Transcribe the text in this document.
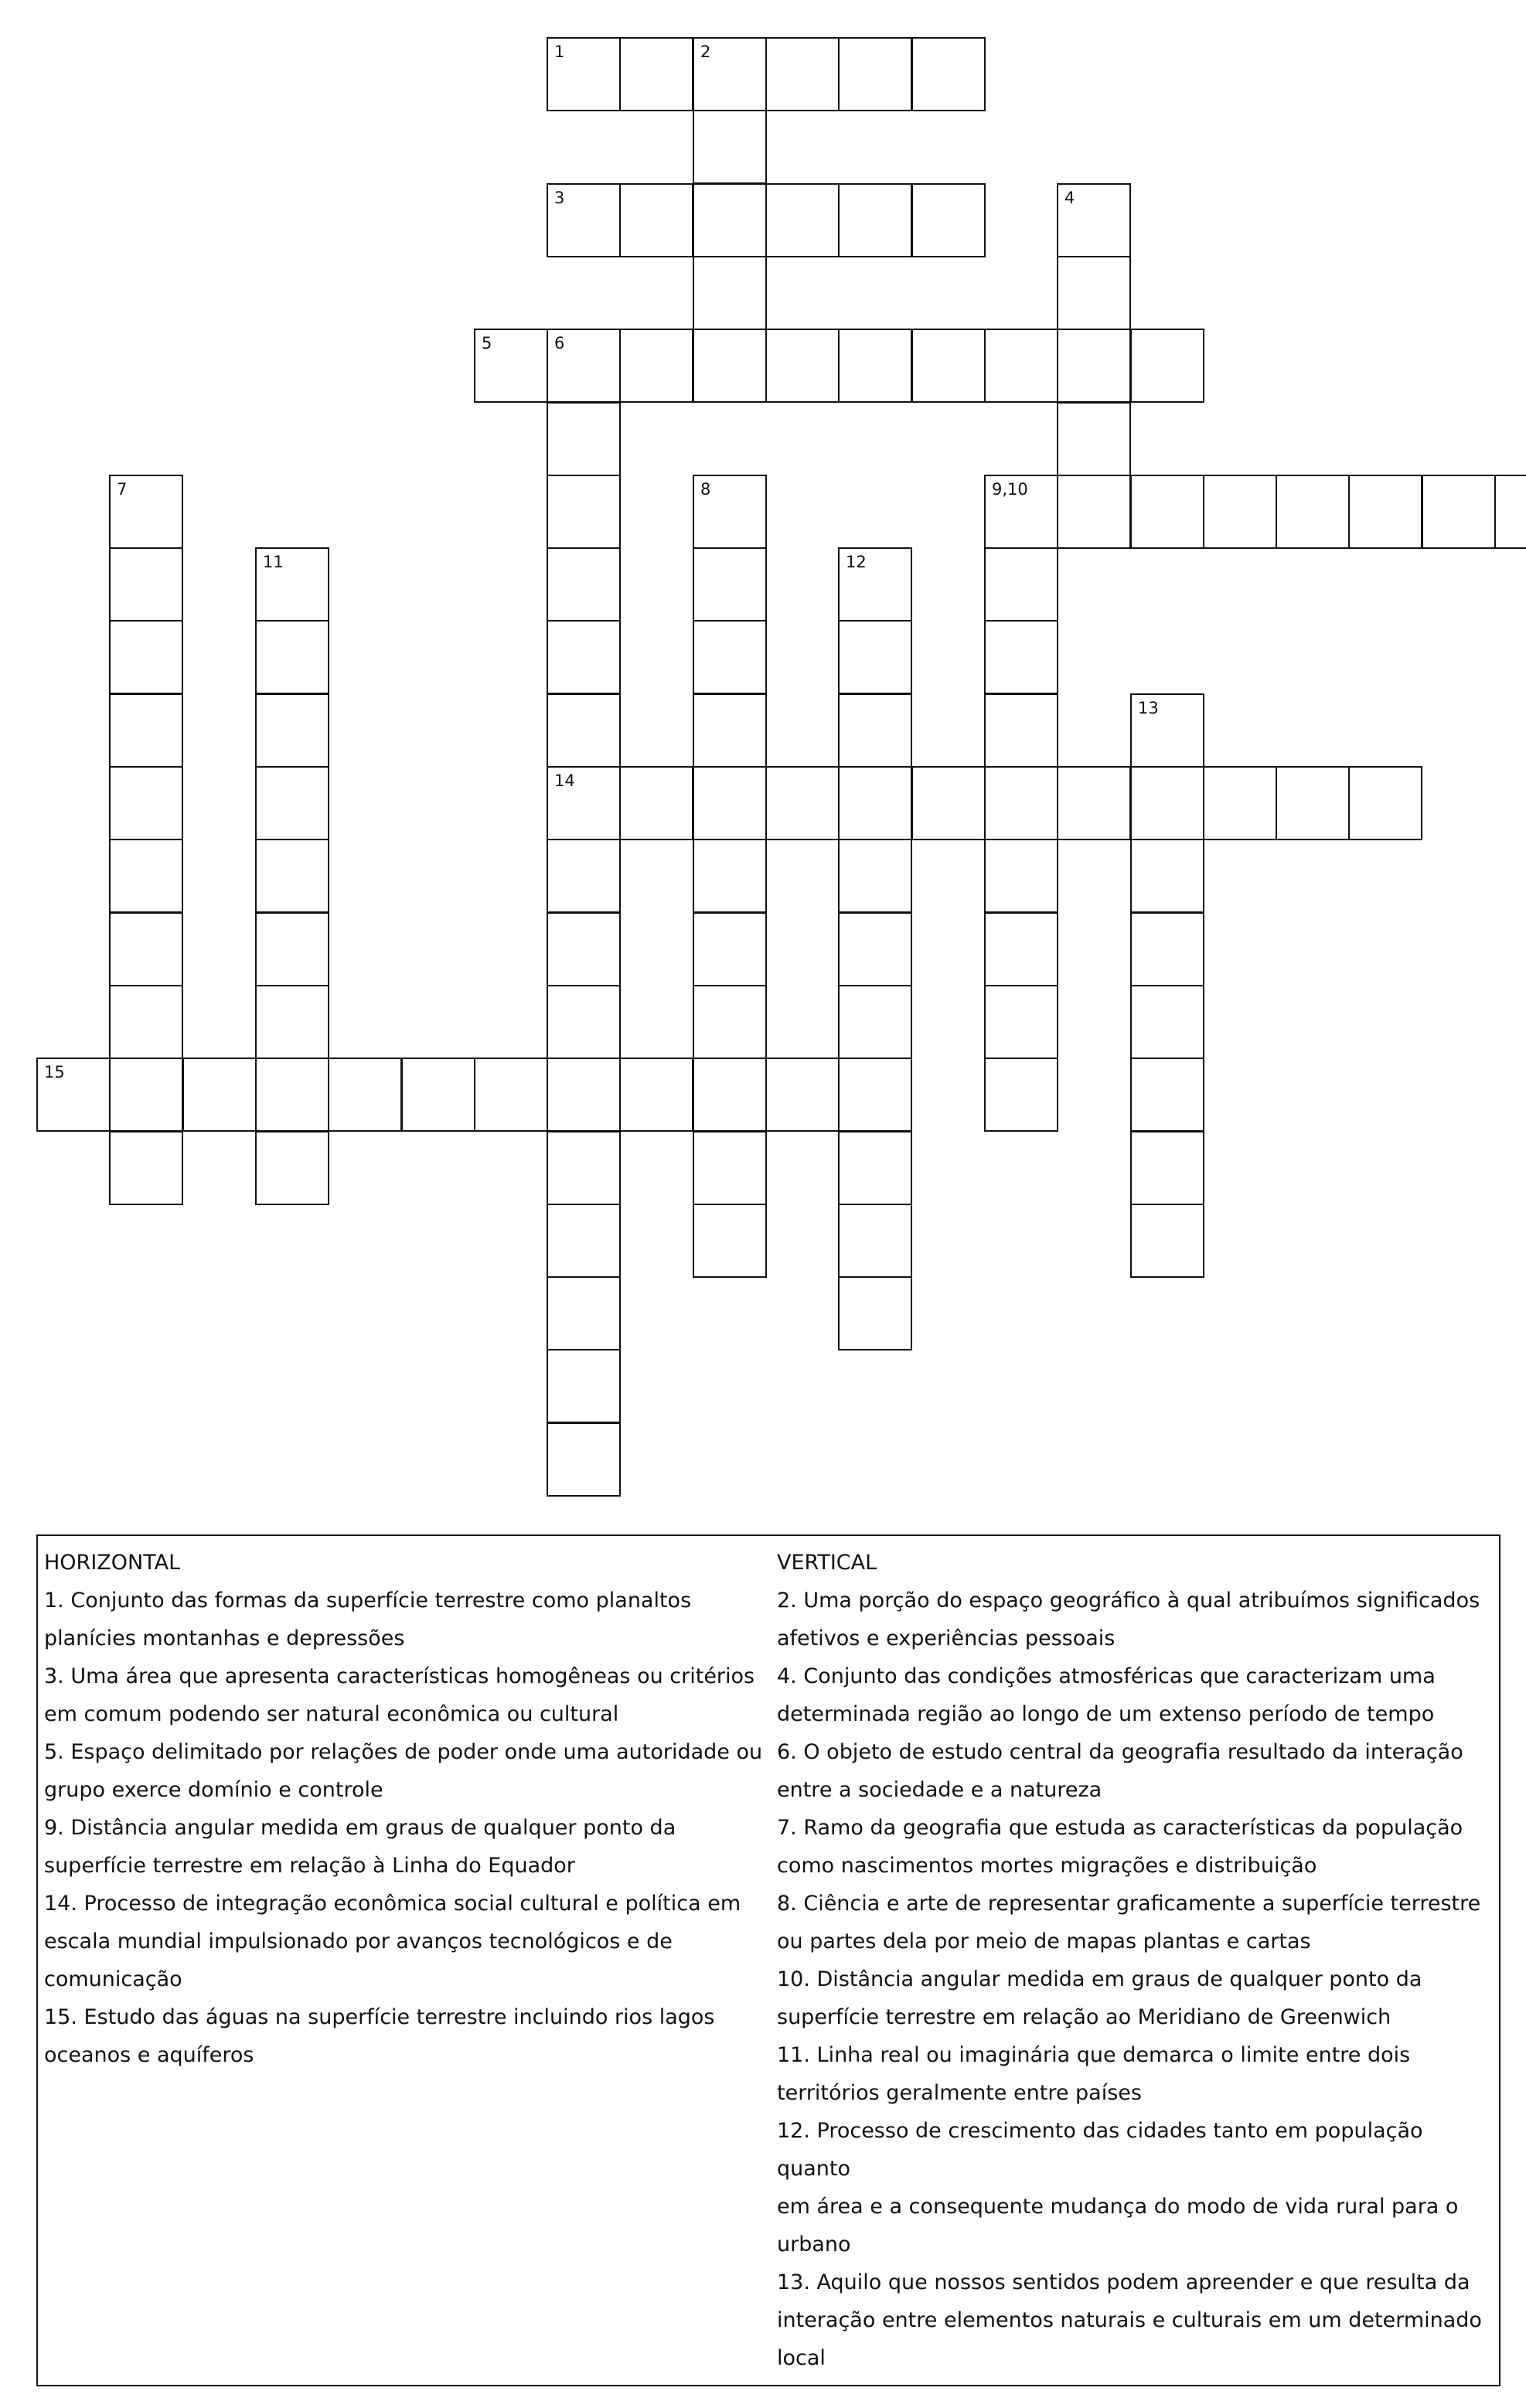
1	2
3	4
5	6
7	8	9,10
11	12
13
14
15
HORIZONTAL
1. Conjunto das formas da superfície terrestre como planaltos
planícies montanhas e depressões
3. Uma área que apresenta características homogêneas ou critérios
em comum podendo ser natural econômica ou cultural
5. Espaço delimitado por relações de poder onde uma autoridade ou
grupo exerce domínio e controle
9. Distância angular medida em graus de qualquer ponto da
superfície terrestre em relação à Linha do Equador
14. Processo de integração econômica social cultural e política em
escala mundial impulsionado por avanços tecnológicos e de
comunicação
15. Estudo das águas na superfície terrestre incluindo rios lagos
oceanos e aquíferos
VERTICAL
2. Uma porção do espaço geográfico à qual atribuímos significados
afetivos e experiências pessoais
4. Conjunto das condições atmosféricas que caracterizam uma
determinada região ao longo de um extenso período de tempo
6. O objeto de estudo central da geografia resultado da interação
entre a sociedade e a natureza
7. Ramo da geografia que estuda as características da população
como nascimentos mortes migrações e distribuição
8. Ciência e arte de representar graficamente a superfície terrestre
ou partes dela por meio de mapas plantas e cartas
10. Distância angular medida em graus de qualquer ponto da
superfície terrestre em relação ao Meridiano de Greenwich
11. Linha real ou imaginária que demarca o limite entre dois
territórios geralmente entre países
12. Processo de crescimento das cidades tanto em população quanto
em área e a consequente mudança do modo de vida rural para o
urbano
13. Aquilo que nossos sentidos podem apreender e que resulta da
interação entre elementos naturais e culturais em um determinado
local
